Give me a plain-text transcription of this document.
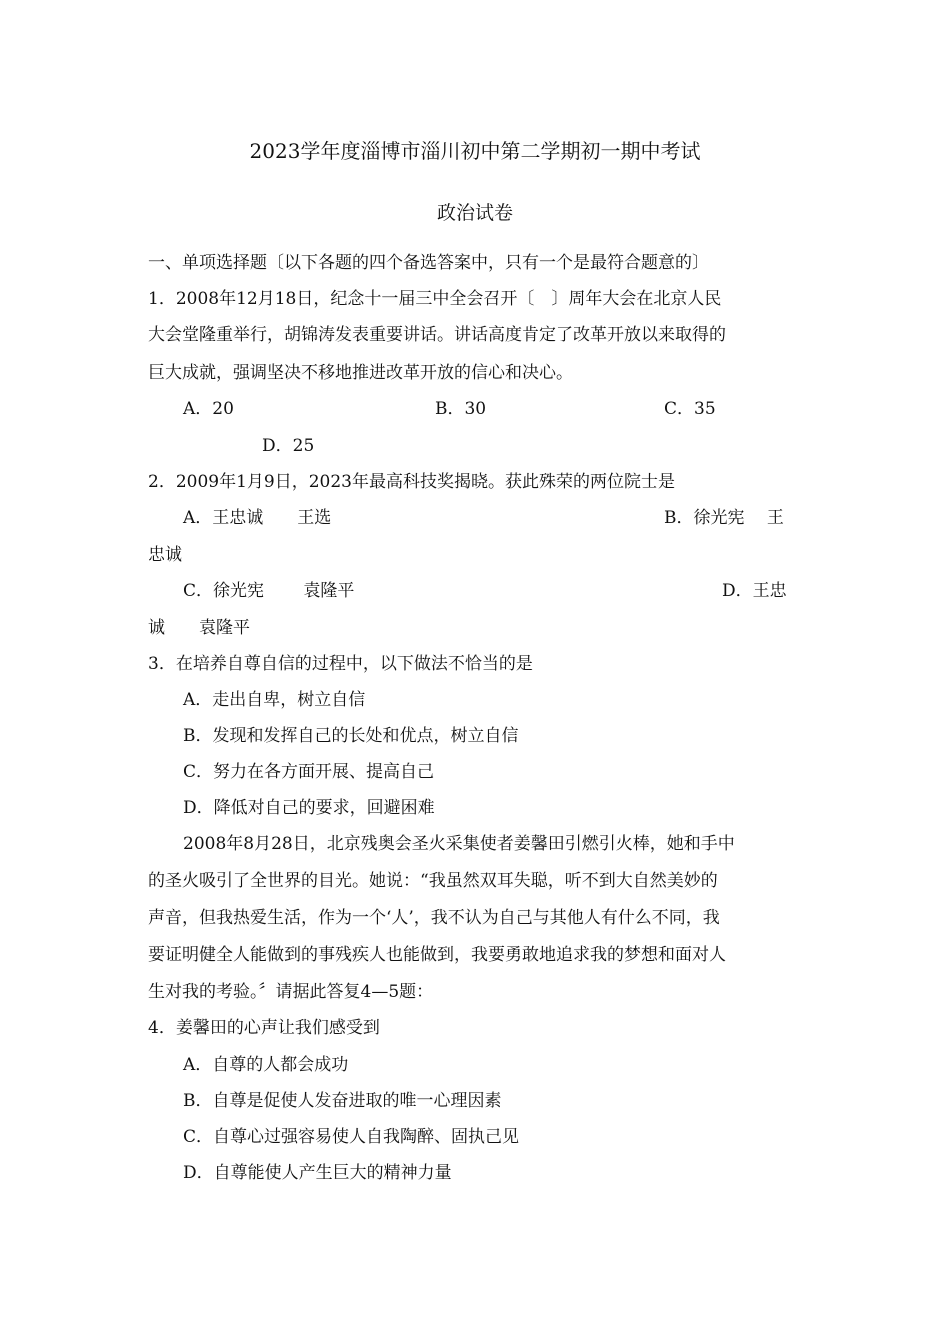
2023学年度淄博市淄川初中第二学期初一期中考试
政治试卷
一、单项选择题〔以下各题的四个备选答案中，只有一个是最符合题意的〕
1．2008年12月18日，纪念十一届三中全会召开〔　〕周年大会在北京人民
大会堂隆重举行，胡锦涛发表重要讲话。讲话高度肯定了改革开放以来取得的
巨大成就，强调坚决不移地推进改革开放的信心和决心。
A．20	B．30	C．35
D．25
2．2009年1月9日，2023年最高科技奖揭晓。获此殊荣的两位院士是
A．王忠诚　　王选	B．徐光宪　 王
忠诚
C．徐光宪　　 袁隆平	D．王忠
诚　　袁隆平
3．在培养自尊自信的过程中，以下做法不恰当的是
A．走出自卑，树立自信
B．发现和发挥自己的长处和优点，树立自信
C．努力在各方面开展、提高自己
D．降低对自己的要求，回避困难
2008年8月28日，北京残奥会圣火采集使者姜馨田引燃引火棒，她和手中
的圣火吸引了全世界的目光。她说：“我虽然双耳失聪，听不到大自然美妙的
声音，但我热爱生活，作为一个‘人’，我不认为自己与其他人有什么不同，我
要证明健全人能做到的事残疾人也能做到，我要勇敢地追求我的梦想和面对人
生对我的考验。〞请据此答复4—5题：
4．姜馨田的心声让我们感受到
A．自尊的人都会成功
B．自尊是促使人发奋进取的唯一心理因素
C．自尊心过强容易使人自我陶醉、固执己见
D．自尊能使人产生巨大的精神力量
